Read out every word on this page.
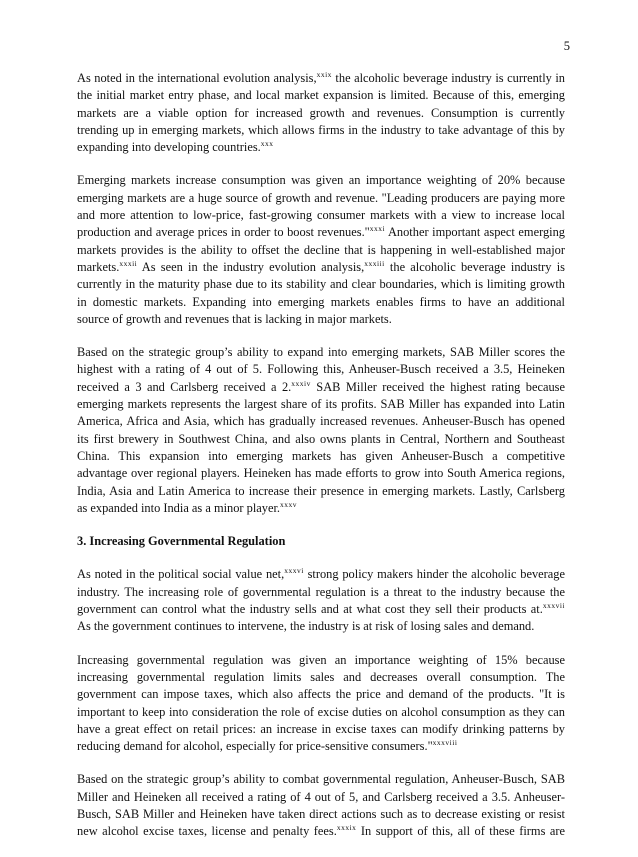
5
As noted in the international evolution analysis,$^{xxix}$ the alcoholic beverage industry is currently in
the initial market entry phase, and local market expansion is limited. Because of this, emerging
markets are a viable option for increased growth and revenues. Consumption is currently
trending up in emerging markets, which allows firms in the industry to take advantage of this by
expanding into developing countries.$^{xxx}$
Emerging markets increase consumption was given an importance weighting of 20% because
emerging markets are a huge source of growth and revenue. "Leading producers are paying more
and more attention to low-price, fast-growing consumer markets with a view to increase local
production and average prices in order to boost revenues."$^{xxxi}$ Another important aspect emerging
markets provides is the ability to offset the decline that is happening in well-established major
markets.$^{xxxii}$ As seen in the industry evolution analysis,$^{xxxiii}$ the alcoholic beverage industry is
currently in the maturity phase due to its stability and clear boundaries, which is limiting growth
in domestic markets. Expanding into emerging markets enables firms to have an additional
source of growth and revenues that is lacking in major markets.
Based on the strategic group’s ability to expand into emerging markets, SAB Miller scores the
highest with a rating of 4 out of 5. Following this, Anheuser-Busch received a 3.5, Heineken
received a 3 and Carlsberg received a 2.$^{xxxiv}$ SAB Miller received the highest rating because
emerging markets represents the largest share of its profits. SAB Miller has expanded into Latin
America, Africa and Asia, which has gradually increased revenues. Anheuser-Busch has opened
its first brewery in Southwest China, and also owns plants in Central, Northern and Southeast
China. This expansion into emerging markets has given Anheuser-Busch a competitive
advantage over regional players. Heineken has made efforts to grow into South America regions,
India, Asia and Latin America to increase their presence in emerging markets. Lastly, Carlsberg
as expanded into India as a minor player.$^{xxxv}$
3. Increasing Governmental Regulation
As noted in the political social value net,$^{xxxvi}$ strong policy makers hinder the alcoholic beverage
industry. The increasing role of governmental regulation is a threat to the industry because the
government can control what the industry sells and at what cost they sell their products at.$^{xxxvii}$
As the government continues to intervene, the industry is at risk of losing sales and demand.
Increasing governmental regulation was given an importance weighting of 15% because
increasing governmental regulation limits sales and decreases overall consumption. The
government can impose taxes, which also affects the price and demand of the products. "It is
important to keep into consideration the role of excise duties on alcohol consumption as they can
have a great effect on retail prices: an increase in excise taxes can modify drinking patterns by
reducing demand for alcohol, especially for price-sensitive consumers."$^{xxxviii}$
Based on the strategic group’s ability to combat governmental regulation, Anheuser-Busch, SAB
Miller and Heineken all received a rating of 4 out of 5, and Carlsberg received a 3.5. Anheuser-
Busch, SAB Miller and Heineken have taken direct actions such as to decrease existing or resist
new alcohol excise taxes, license and penalty fees.$^{xxxix}$ In support of this, all of these firms are
